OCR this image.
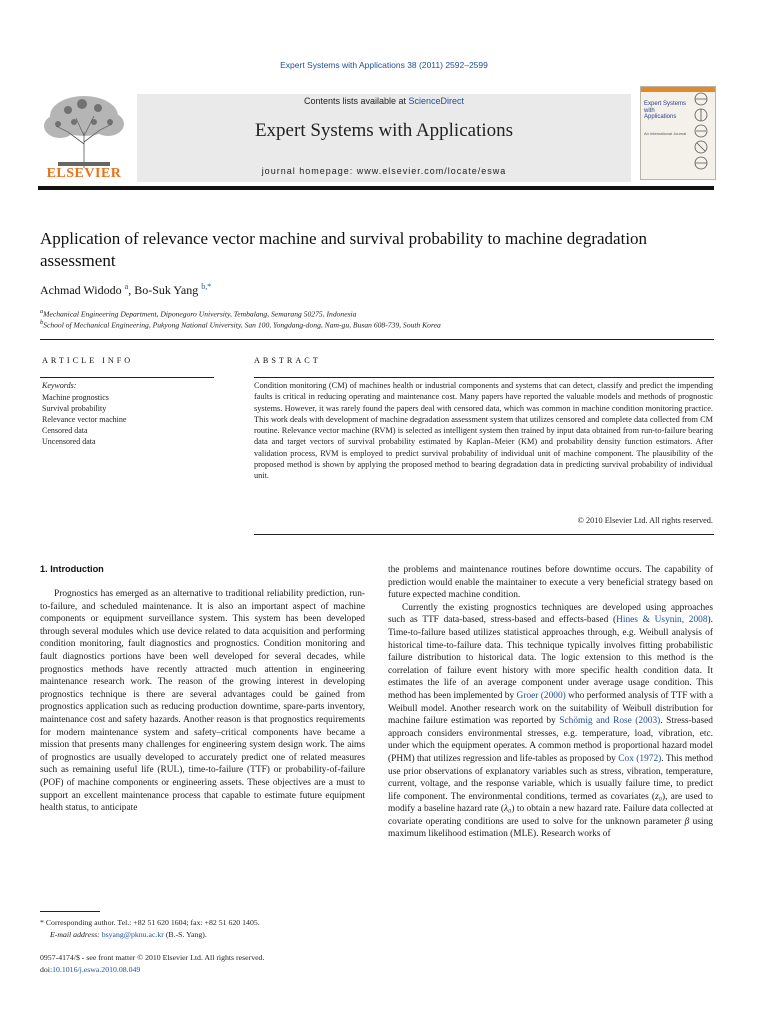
Expert Systems with Applications 38 (2011) 2592–2599
ELSEVIER
Contents lists available at ScienceDirect
Expert Systems with Applications
journal homepage: www.elsevier.com/locate/eswa
Expert Systems with Applications
An International Journal
Application of relevance vector machine and survival probability to machine degradation assessment
Achmad Widodo $^a$, Bo-Suk Yang $^{b,*}$
$^a$Mechanical Engineering Department, Diponegoro University, Tembalang, Semarang 50275, Indonesia
$^b$School of Mechanical Engineering, Pukyong National University, San 100, Yongdang-dong, Nam-gu, Busan 608-739, South Korea
ARTICLE INFO
Keywords:
Machine prognostics
Survival probability
Relevance vector machine
Censored data
Uncensored data
ABSTRACT
Condition monitoring (CM) of machines health or industrial components and systems that can detect, classify and predict the impending faults is critical in reducing operating and maintenance cost. Many papers have reported the valuable models and methods of prognostic systems. However, it was rarely found the papers deal with censored data, which was common in machine condition monitoring practice. This work deals with development of machine degradation assessment system that utilizes censored and complete data collected from CM routine. Relevance vector machine (RVM) is selected as intelligent system then trained by input data obtained from run-to-failure bearing data and target vectors of survival probability estimated by Kaplan–Meier (KM) and probability density function estimators. After validation process, RVM is employed to predict survival probability of individual unit of machine component. The plausibility of the proposed method is shown by applying the proposed method to bearing degradation data in predicting survival probability of individual unit.
© 2010 Elsevier Ltd. All rights reserved.
1. Introduction

Prognostics has emerged as an alternative to traditional reliability prediction, run-to-failure, and scheduled maintenance. It is also an important aspect of machine components or equipment surveillance system. This system has been developed through several modules which use device related to data acquisition and performing condition monitoring, fault diagnostics and prognostics. Condition monitoring and fault diagnostics portions have been well developed for several decades, while prognostics methods have recently attracted much attention in engineering maintenance research work. The reason of the growing interest in developing prognostics technique is there are several advantages could be gained from prognostics application such as reducing production downtime, spare-parts inventory, maintenance cost and safety hazards. Another reason is that prognostics requirements for modern maintenance system and safety–critical components have became a mission that presents many challenges for engineering system design work. The aims of prognostics are usually developed to accurately predict one of related measures such as remaining useful life (RUL), time-to-failure (TTF) or probability-of-failure (POF) of machine components or engineering assets. These objectives are a must to support an excellent maintenance process that capable to estimate future equipment health status, to anticipate

the problems and maintenance routines before downtime occurs. The capability of prediction would enable the maintainer to execute a very beneficial strategy based on future expected machine condition.

Currently the existing prognostics techniques are developed using approaches such as TTF data-based, stress-based and effects-based (Hines & Usynin, 2008). Time-to-failure based utilizes statistical approaches through, e.g. Weibull analysis of historical time-to-failure data. This technique typically involves fitting probabilistic failure distribution to historical data. The logic extension to this method is the correlation of failure event history with more specific health condition data. It estimates the life of an average component under average usage condition. This method has been implemented by Groer (2000) who performed analysis of TTF with a Weibull model. Another research work on the suitability of Weibull distribution for machine failure estimation was reported by Schömig and Rose (2003). Stress-based approach considers environmental stresses, e.g. temperature, load, vibration, etc. under which the equipment operates. A common method is proportional hazard model (PHM) that utilizes regression and life-tables as proposed by Cox (1972). This method use prior observations of explanatory variables such as stress, vibration, temperature, current, voltage, and the response variable, which is usually failure time, to predict life component. The environmental conditions, termed as covariates (z₀), are used to modify a baseline hazard rate (λ₀) to obtain a new hazard rate. Failure data collected at covariate operating conditions are used to solve for the unknown parameter β using maximum likelihood estimation (MLE). Research works of

* Corresponding author. Tel.: +82 51 620 1604; fax: +82 51 620 1405.
E-mail address: bsyang@pknu.ac.kr (B.-S. Yang).
0957-4174/$ - see front matter © 2010 Elsevier Ltd. All rights reserved.
doi:10.1016/j.eswa.2010.08.049
